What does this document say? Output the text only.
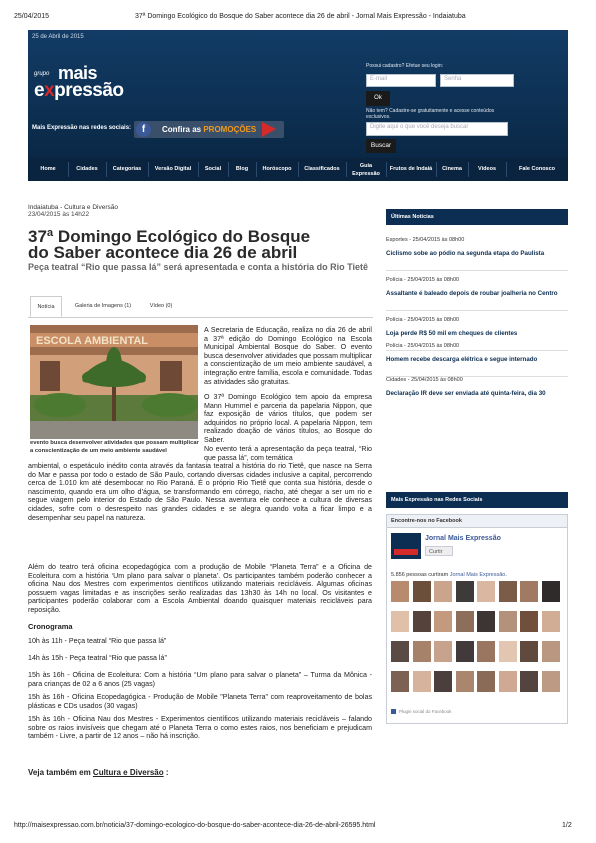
25/04/2015	37ª Domingo Ecológico do Bosque do Saber acontece dia 26 de abril - Jornal Mais Expressão - Indaiatuba
http://maisexpressao.com.br/noticia/37-domingo-ecologico-do-bosque-do-saber-acontece-dia-26-de-abril-26595.html	1/2
25 de Abril de 2015
grupo mais
expressão
Mais Expressão nas redes sociais:	f	Confira as PROMOÇÕES
Possui cadastro? Efetue seu login:
E-mail	Senha
Ok
Não tem? Cadastre-se gratuitamente e acesse conteúdos exclusivos.
Digite aqui o que você deseja buscar
Buscar
Home	Cidades	Categorias	Versão Digital	Social	Blog	Horóscopo	Classificados	Guia Expressão
Frutos de Indaiá	Cinema	Vídeos	Fale Conosco
Indaiatuba - Cultura e Diversão
23/04/2015 às 14h22
37ª Domingo Ecológico do Bosque
do Saber acontece dia 26 de abril
Peça teatral “Rio que passa lá” será apresentada e conta a história do Rio Tietê
Notícia	Galeria de Imagens (1)	Vídeo (0)
ESCOLA AMBIENTAL
evento busca desenvolver atividades que possam multiplicar a conscientização de um meio ambiente saudável
A Secretaria de Educação, realiza no dia 26 de abril a 37ª edição do Domingo Ecológico na Escola Municipal Ambiental Bosque do Saber. O evento busca desenvolver atividades que possam multiplicar a conscientização de um meio ambiente saudável, a integração entre família, escola e comunidade. Todas as atividades são gratuitas.
O 37ª Domingo Ecológico tem apoio da empresa Mann Hummel e parceria da papelaria Nippon, que faz exposição de vários títulos, que podem ser adquiridos no próprio local. A papelaria Nippon, tem realizado doação de vários títulos, ao Bosque do Saber.
No evento terá a apresentação da peça teatral, “Rio que passa lá”, com temática
ambiental, o espetáculo inédito conta através da fantasia teatral a história do rio Tietê, que nasce na Serra do Mar e passa por todo o estado de São Paulo, cortando diversas cidades inclusive a capital, percorrendo cerca de 1.010 km até desembocar no Rio Paraná. É o próprio Rio Tietê que conta sua história, desde o nascimento, quando era um olho d’água, se transformando em córrego, riacho, até chegar a ser um rio e segue viagem pelo interior do Estado de São Paulo. Nessa aventura ele conhece a cultura de diversas cidades, sofre com o desrespeito nas grandes cidades e se alegra quando volta a ficar limpo e a desempenhar seu papel na natureza.
Além do teatro terá oficina ecopedagógica com a produção de Mobile “Planeta Terra” e a Oficina de Ecoleitura com a história ‘Um plano para salvar o planeta’. Os participantes também poderão conhecer a oficina Nau dos Mestres com experimentos científicos utilizando materiais recicláveis. Algumas oficinas possuem vagas limitadas e as inscrições serão realizadas das 13h30 às 14h no local. Os visitantes e participantes poderão colaborar com a Escola Ambiental doando quaisquer materiais recicláveis para reposição.
Cronograma
10h às 11h - Peça teatral “Rio que passa lá”
14h às 15h - Peça teatral “Rio que passa lá”
15h às 16h - Oficina de Ecoleitura: Com a história “Um plano para salvar o planeta” – Turma da Mônica - para crianças de 02 a 6 anos (25 vagas)
15h às 16h - Oficina Ecopedagógica - Produção de Mobile "Planeta Terra" com reaproveitamento de bolas plásticas e CDs usados (30 vagas)
15h às 16h - Oficina Nau dos Mestres - Experimentos científicos utilizando materiais recicláveis – falando sobre os raios invisíveis que chegam até o Planeta Terra o como estes raios, nos beneficiam e prejudicam também - Livre, a partir de 12 anos – não há inscrição.
Veja também em Cultura e Diversão :
Últimas Notícias
Esportes - 25/04/2015 às 08h00
Ciclismo sobe ao pódio na segunda etapa do Paulista
Polícia - 25/04/2015 às 08h00
Assaltante é baleado depois de roubar joalheria no Centro
Polícia - 25/04/2015 às 08h00
Loja perde R$ 50 mil em cheques de clientes
Polícia - 25/04/2015 às 08h00
Homem recebe descarga elétrica e segue internado
Cidades - 25/04/2015 às 08h00
Declaração IR deve ser enviada até quinta-feira, dia 30
Mais Expressão nas Redes Sociais
Encontre-nos no Facebook
Jornal Mais Expressão
Curtir
5.856 pessoas curtiram Jornal Mais Expressão.
Plugin social do Facebook
